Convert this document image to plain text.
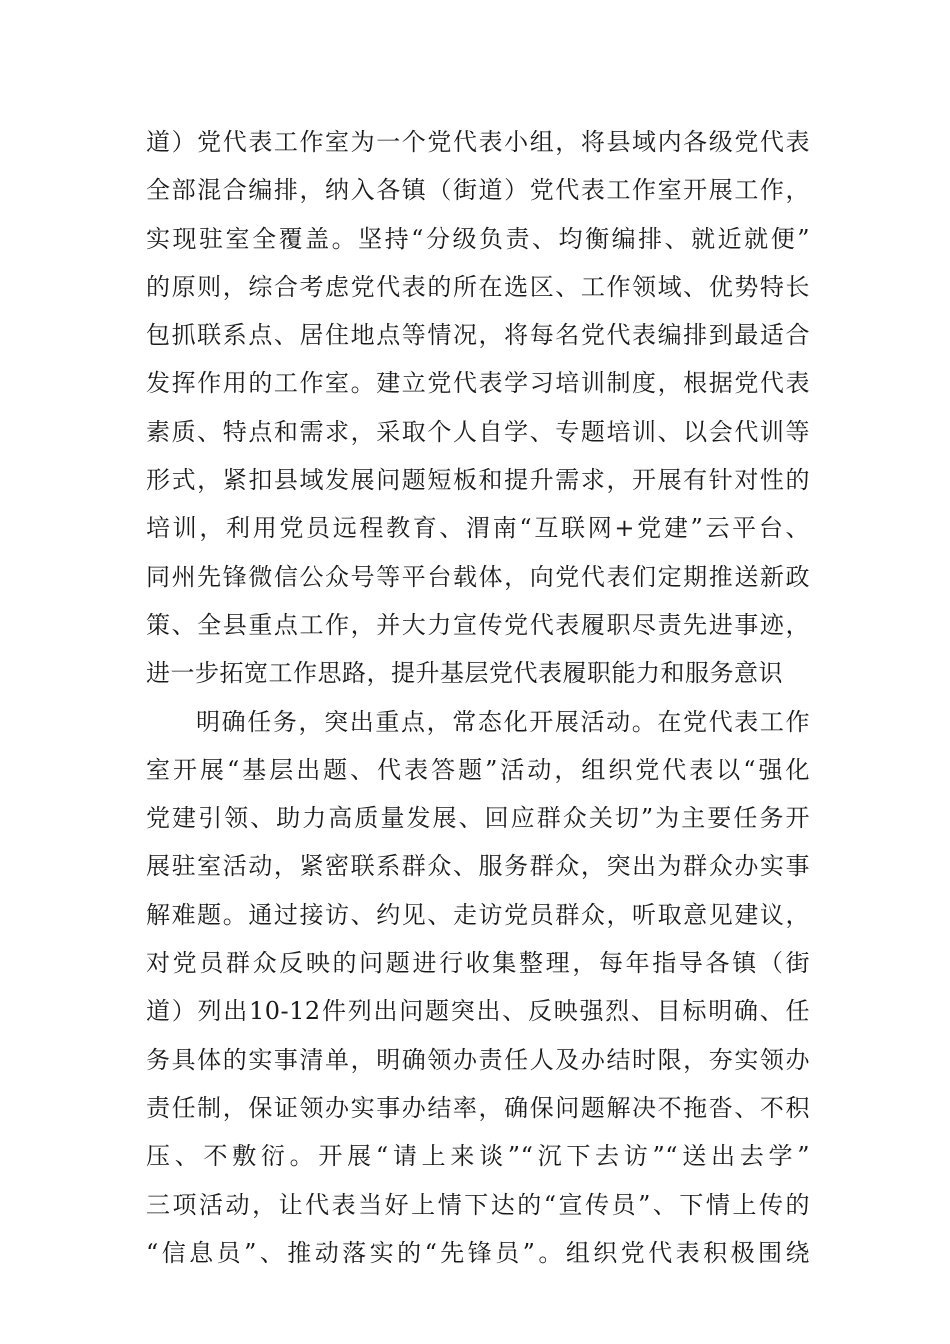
道）党代表工作室为一个党代表小组，将县域内各级党代表
全部混合编排，纳入各镇（街道）党代表工作室开展工作，
实现驻室全覆盖。坚持“分级负责、均衡编排、就近就便”
的原则，综合考虑党代表的所在选区、工作领域、优势特长
包抓联系点、居住地点等情况，将每名党代表编排到最适合
发挥作用的工作室。建立党代表学习培训制度，根据党代表
素质、特点和需求，采取个人自学、专题培训、以会代训等
形式，紧扣县域发展问题短板和提升需求，开展有针对性的
培训，利用党员远程教育、渭南“互联网+党建”云平台、
同州先锋微信公众号等平台载体，向党代表们定期推送新政
策、全县重点工作，并大力宣传党代表履职尽责先进事迹，
进一步拓宽工作思路，提升基层党代表履职能力和服务意识
明确任务，突出重点，常态化开展活动。在党代表工作
室开展“基层出题、代表答题”活动，组织党代表以“强化
党建引领、助力高质量发展、回应群众关切”为主要任务开
展驻室活动，紧密联系群众、服务群众，突出为群众办实事
解难题。通过接访、约见、走访党员群众，听取意见建议，
对党员群众反映的问题进行收集整理，每年指导各镇（街
道）列出10-12件列出问题突出、反映强烈、目标明确、任
务具体的实事清单，明确领办责任人及办结时限，夯实领办
责任制，保证领办实事办结率，确保问题解决不拖沓、不积
压、不敷衍。开展“请上来谈”“沉下去访”“送出去学”
三项活动，让代表当好上情下达的“宣传员”、下情上传的
“信息员”、推动落实的“先锋员”。组织党代表积极围绕
